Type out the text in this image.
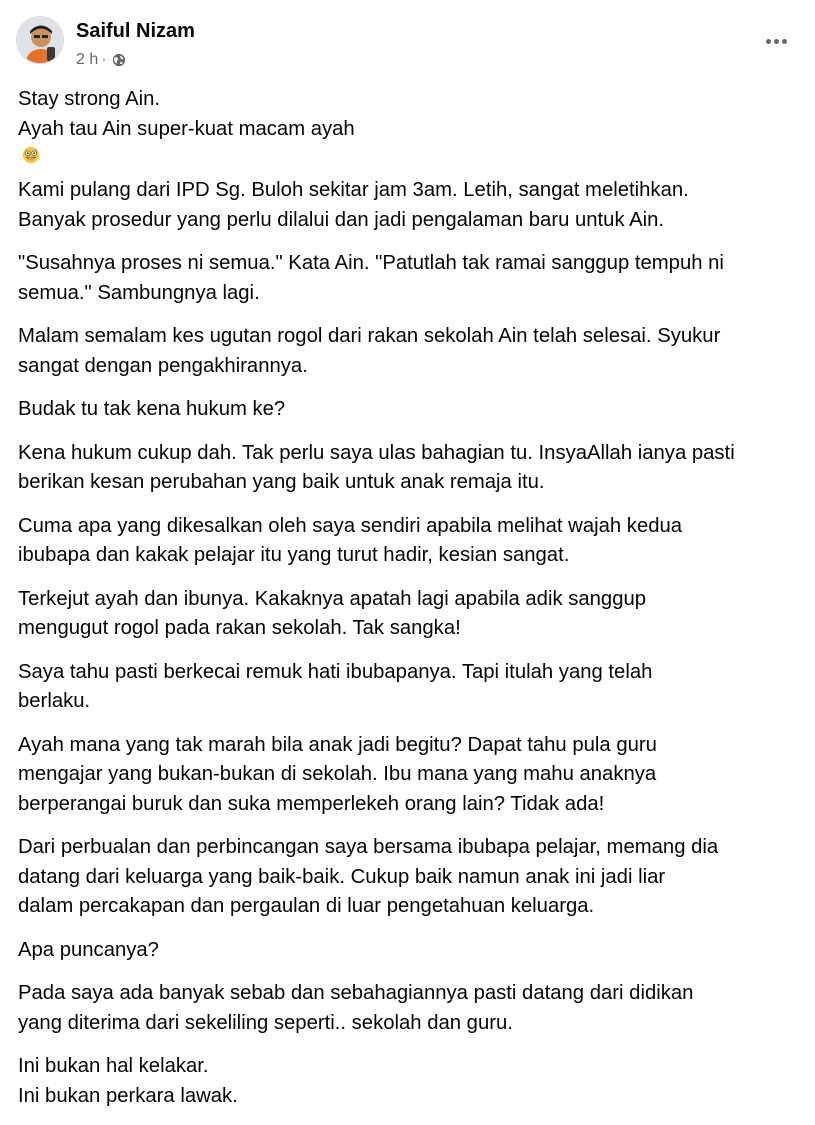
Saiful Nizam
2 h ·
Stay strong Ain.
Ayah tau Ain super-kuat macam ayah
Kami pulang dari IPD Sg. Buloh sekitar jam 3am. Letih, sangat meletihkan.
Banyak prosedur yang perlu dilalui dan jadi pengalaman baru untuk Ain.
"Susahnya proses ni semua." Kata Ain. "Patutlah tak ramai sanggup tempuh ni
semua." Sambungnya lagi.
Malam semalam kes ugutan rogol dari rakan sekolah Ain telah selesai. Syukur
sangat dengan pengakhirannya.
Budak tu tak kena hukum ke?
Kena hukum cukup dah. Tak perlu saya ulas bahagian tu. InsyaAllah ianya pasti
berikan kesan perubahan yang baik untuk anak remaja itu.
Cuma apa yang dikesalkan oleh saya sendiri apabila melihat wajah kedua
ibubapa dan kakak pelajar itu yang turut hadir, kesian sangat.
Terkejut ayah dan ibunya. Kakaknya apatah lagi apabila adik sanggup
mengugut rogol pada rakan sekolah. Tak sangka!
Saya tahu pasti berkecai remuk hati ibubapanya. Tapi itulah yang telah
berlaku.
Ayah mana yang tak marah bila anak jadi begitu? Dapat tahu pula guru
mengajar yang bukan-bukan di sekolah. Ibu mana yang mahu anaknya
berperangai buruk dan suka memperlekeh orang lain? Tidak ada!
Dari perbualan dan perbincangan saya bersama ibubapa pelajar, memang dia
datang dari keluarga yang baik-baik. Cukup baik namun anak ini jadi liar
dalam percakapan dan pergaulan di luar pengetahuan keluarga.
Apa puncanya?
Pada saya ada banyak sebab dan sebahagiannya pasti datang dari didikan
yang diterima dari sekeliling seperti.. sekolah dan guru.
Ini bukan hal kelakar.
Ini bukan perkara lawak.
